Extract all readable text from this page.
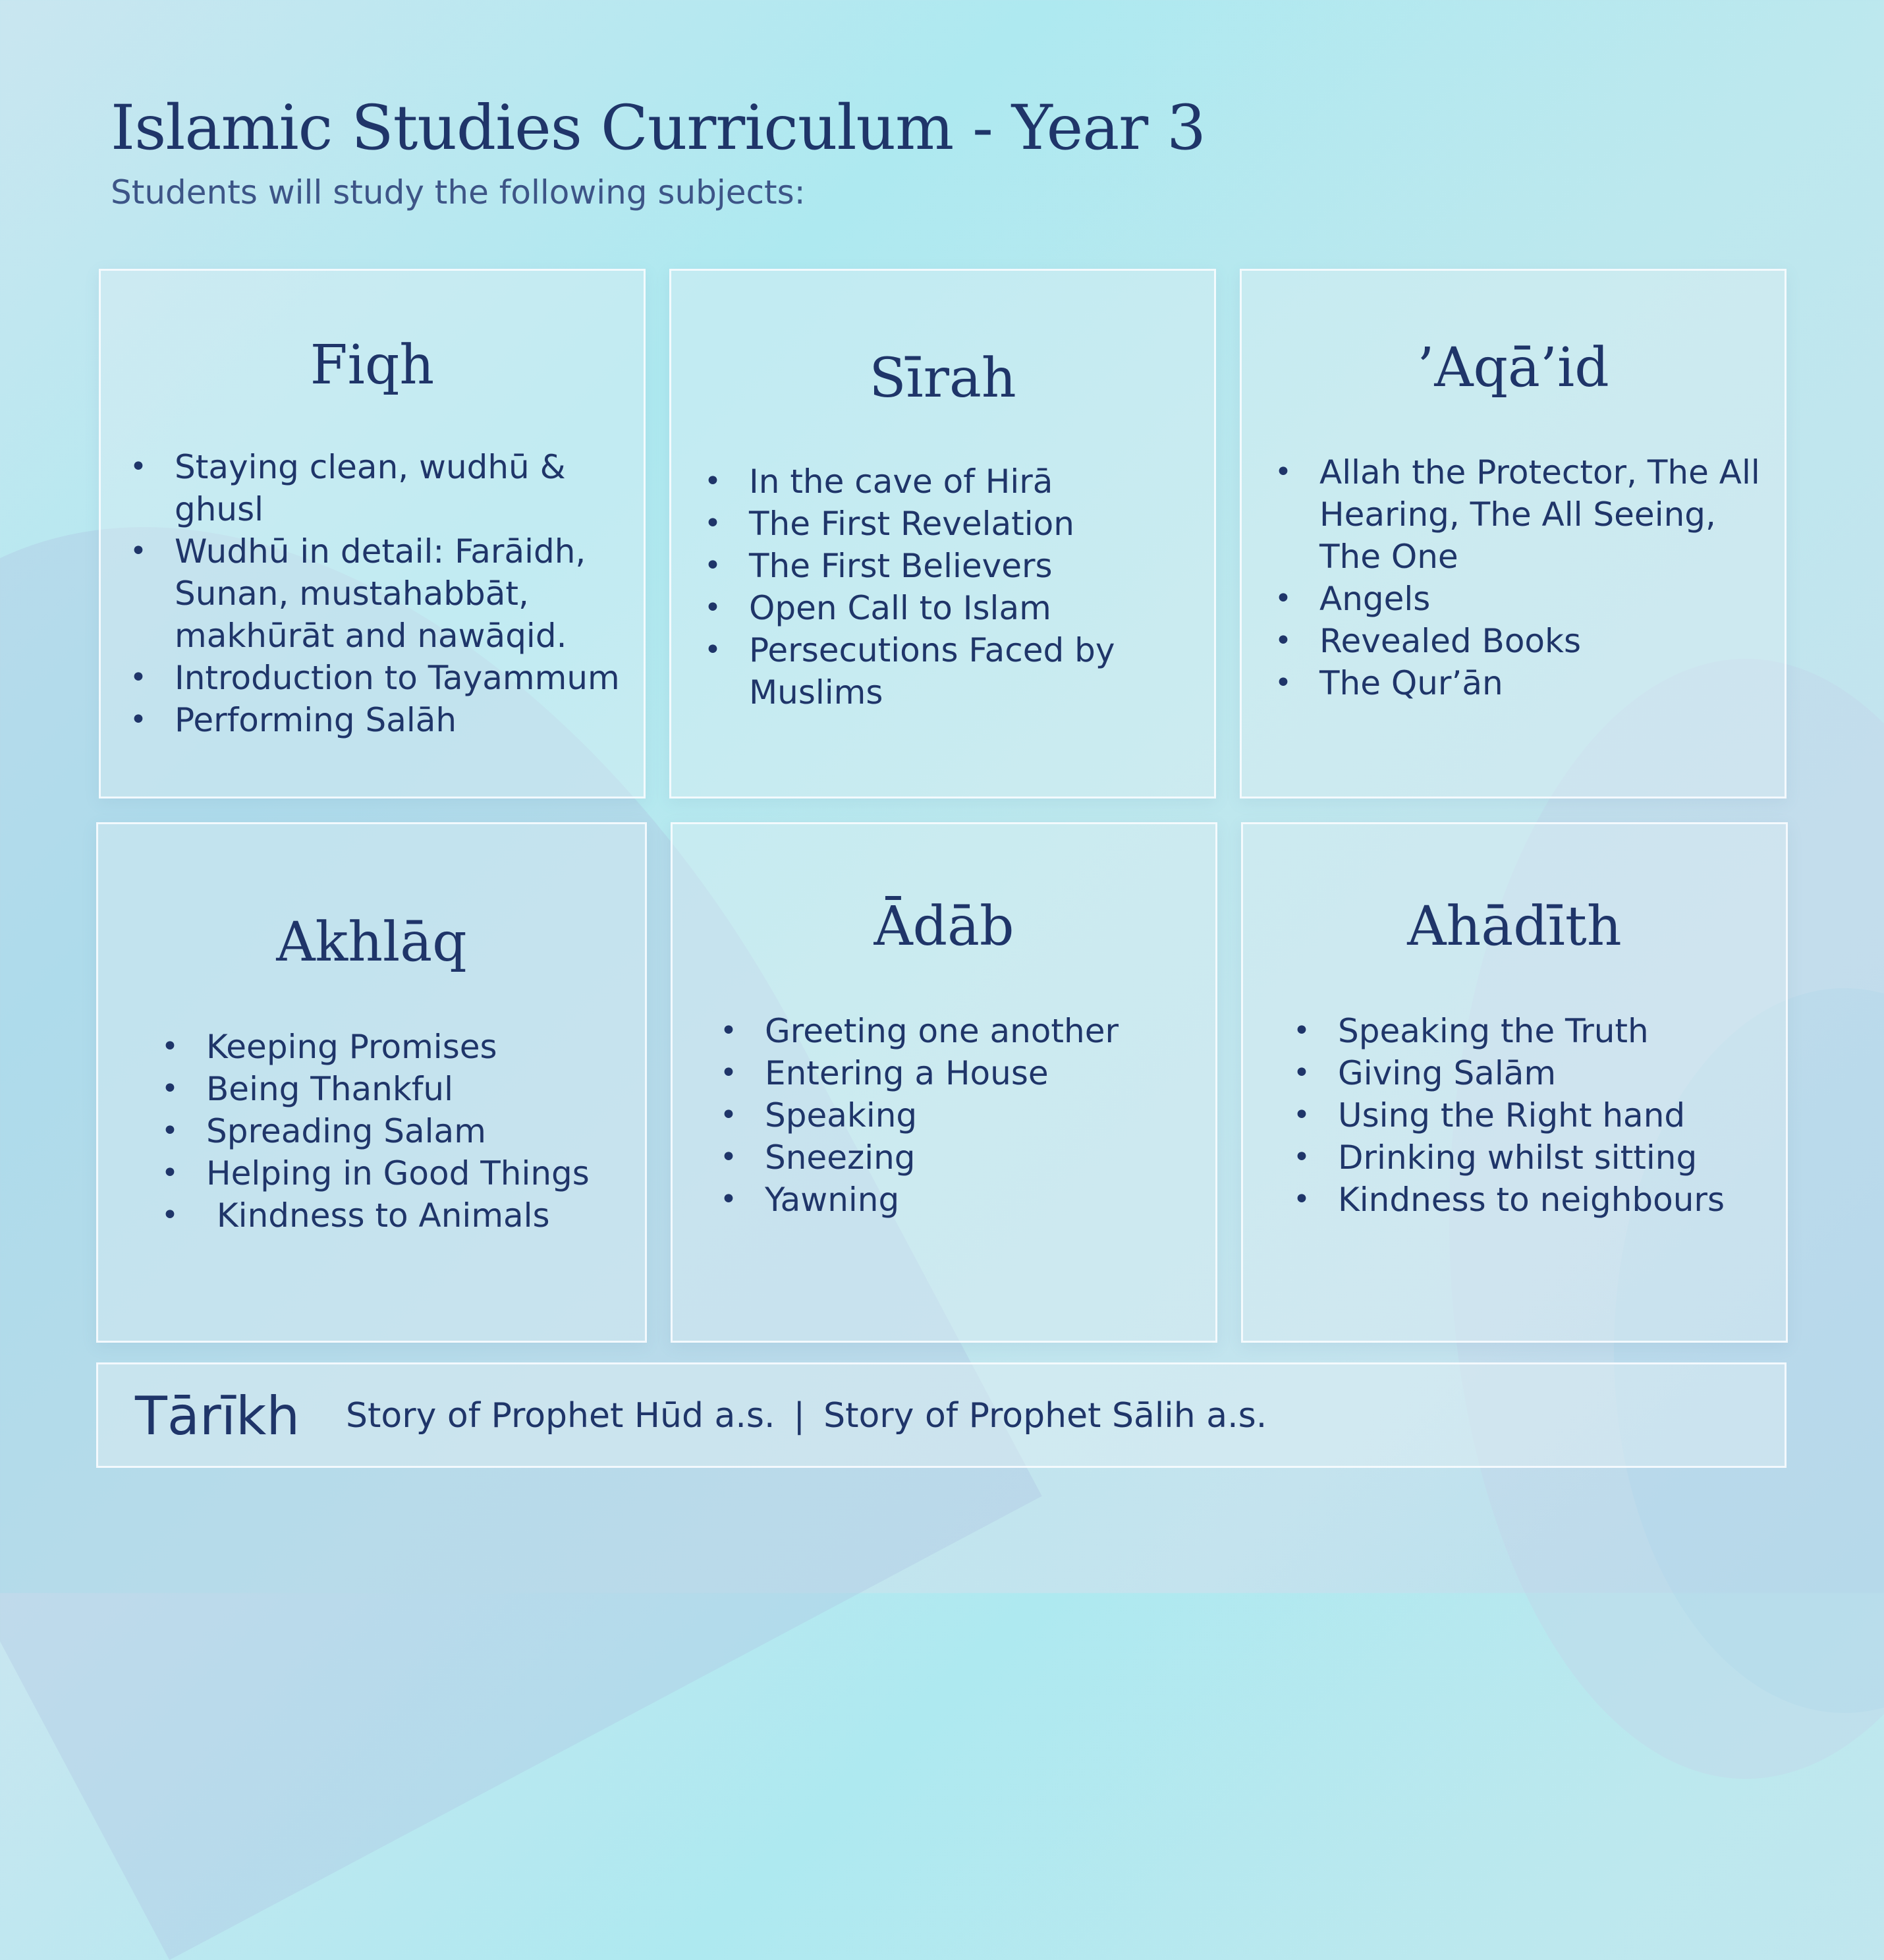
Islamic Studies Curriculum - Year 3
Students will study the following subjects:
Fiqh
• Staying clean, wudhū & ghusl
• Wudhū in detail: Farāidh, Sunan, mustahabbāt, makhūrāt and nawāqid.
• Introduction to Tayammum
• Performing Salāh
Sīrah
• In the cave of Hirā
• The First Revelation
• The First Believers
• Open Call to Islam
• Persecutions Faced by Muslims
’Aqā’id
• Allah the Protector, The All Hearing, The All Seeing, The One
• Angels
• Revealed Books
• The Qur’ān
Akhlāq
• Keeping Promises
• Being Thankful
• Spreading Salam
• Helping in Good Things
•  Kindness to Animals
Ādāb
• Greeting one another
• Entering a House
• Speaking
• Sneezing
• Yawning
Ahādīth
• Speaking the Truth
• Giving Salām
• Using the Right hand
• Drinking whilst sitting
• Kindness to neighbours
Tārīkh Story of Prophet Hūd a.s. | Story of Prophet Sālih a.s.
